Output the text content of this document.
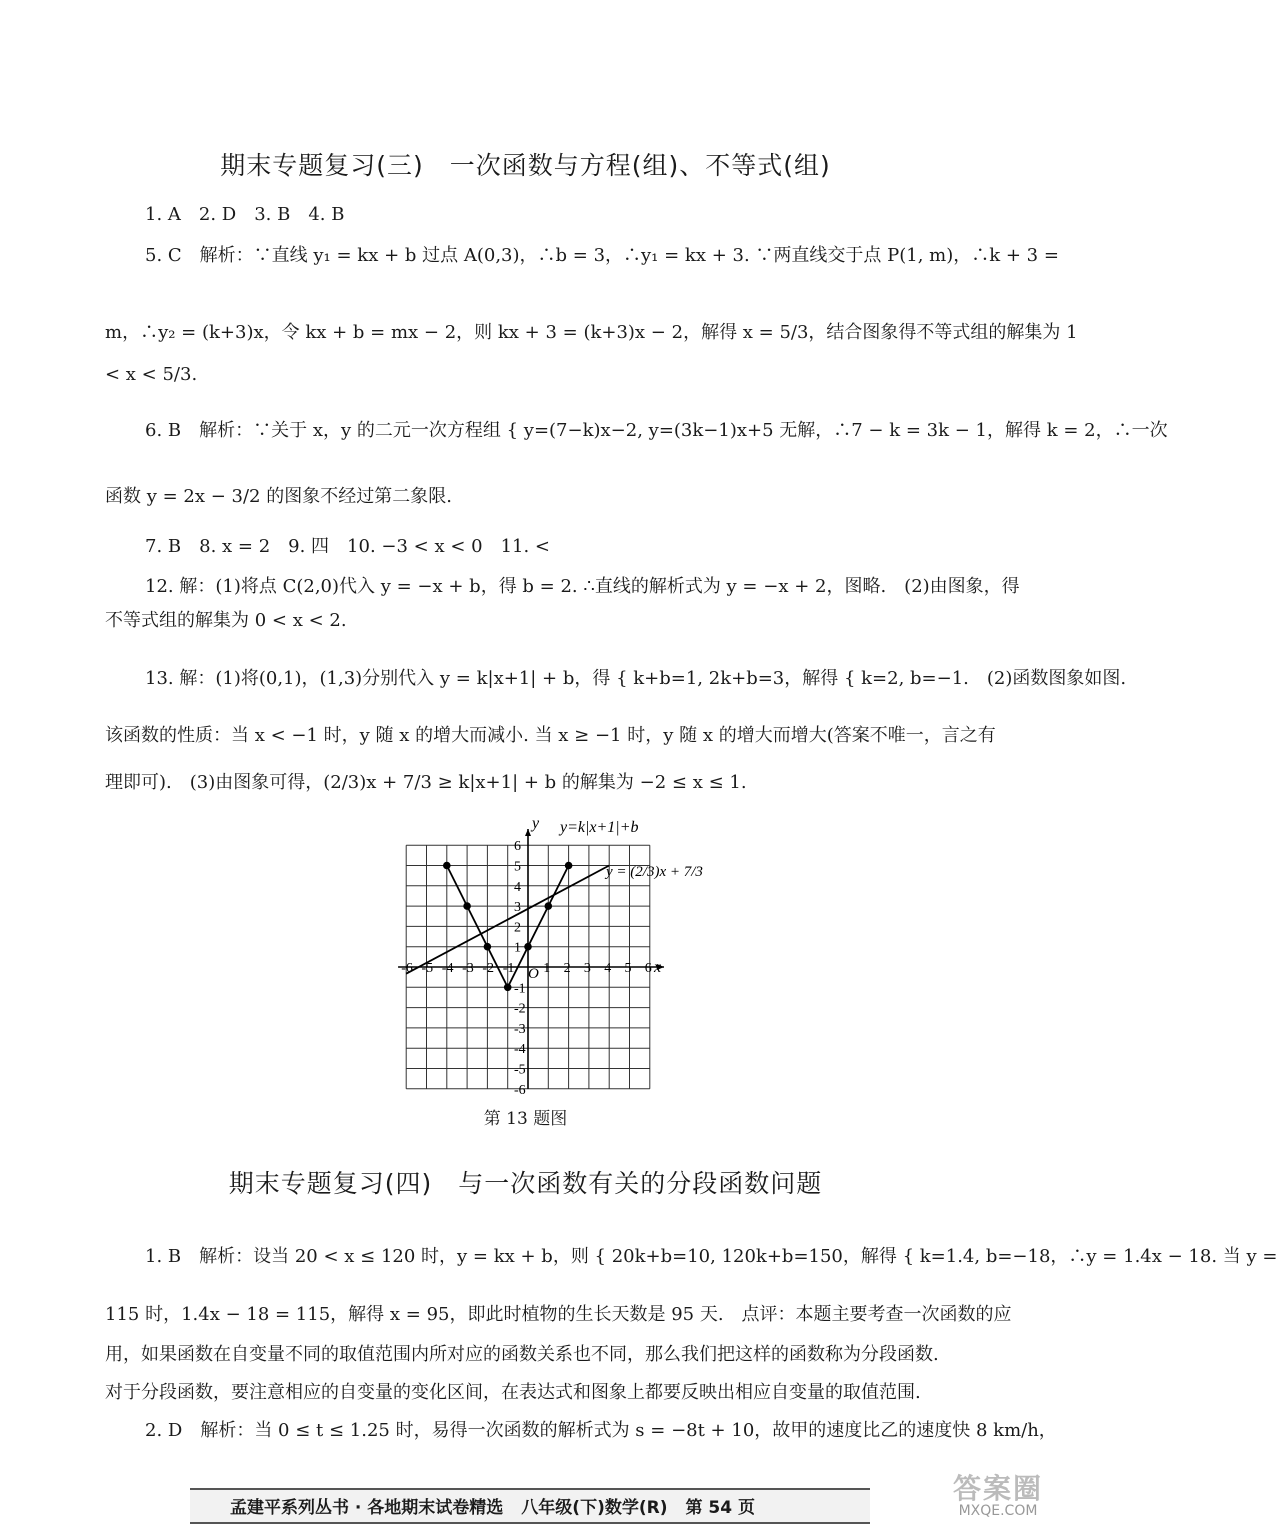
期末专题复习(三)　一次函数与方程(组)、不等式(组)
1. A　2. D　3. B　4. B
5. C　解析：∵直线 y₁ = kx + b 过点 A(0,3)，∴b = 3，∴y₁ = kx + 3. ∵两直线交于点 P(1, m)，∴k + 3 =
m，∴y₂ = (k+3)x，令 kx + b = mx − 2，则 kx + 3 = (k+3)x − 2，解得 x = 5/3，结合图象得不等式组的解集为 1
< x < 5/3.
6. B　解析：∵关于 x，y 的二元一次方程组 { y=(7−k)x−2, y=(3k−1)x+5 无解，∴7 − k = 3k − 1，解得 k = 2，∴一次
函数 y = 2x − 3/2 的图象不经过第二象限.
7. B　8. x = 2　9. 四　10. −3 < x < 0　11. <
12. 解：(1)将点 C(2,0)代入 y = −x + b，得 b = 2. ∴直线的解析式为 y = −x + 2，图略.　(2)由图象，得
不等式组的解集为 0 < x < 2.
13. 解：(1)将(0,1)，(1,3)分别代入 y = k|x+1| + b，得 { k+b=1, 2k+b=3，解得 { k=2, b=−1.　(2)函数图象如图.
该函数的性质：当 x < −1 时，y 随 x 的增大而减小. 当 x ≥ −1 时，y 随 x 的增大而增大(答案不唯一，言之有
理即可).　(3)由图象可得，(2/3)x + 7/3 ≥ k|x+1| + b 的解集为 −2 ≤ x ≤ 1.
-6 -5 -4 -3 -2 -1 1 2 3 4 5 6
6
5
4
3
2
1
-1
-2
-3
-4
-5
-6
y=k|x+1|+b
y = (2/3)x + 7/3
x
y
O
第 13 题图
期末专题复习(四)　与一次函数有关的分段函数问题
1. B　解析：设当 20 < x ≤ 120 时，y = kx + b，则 { 20k+b=10, 120k+b=150，解得 { k=1.4, b=−18，∴y = 1.4x − 18. 当 y =
115 时，1.4x − 18 = 115，解得 x = 95，即此时植物的生长天数是 95 天.　点评：本题主要考查一次函数的应
用，如果函数在自变量不同的取值范围内所对应的函数关系也不同，那么我们把这样的函数称为分段函数.
对于分段函数，要注意相应的自变量的变化区间，在表达式和图象上都要反映出相应自变量的取值范围.
2. D　解析：当 0 ≤ t ≤ 1.25 时，易得一次函数的解析式为 s = −8t + 10，故甲的速度比乙的速度快 8 km/h，
孟建平系列丛书 · 各地期末试卷精选 八年级(下)数学(R) 第 54 页
答案圈
MXQE.COM
